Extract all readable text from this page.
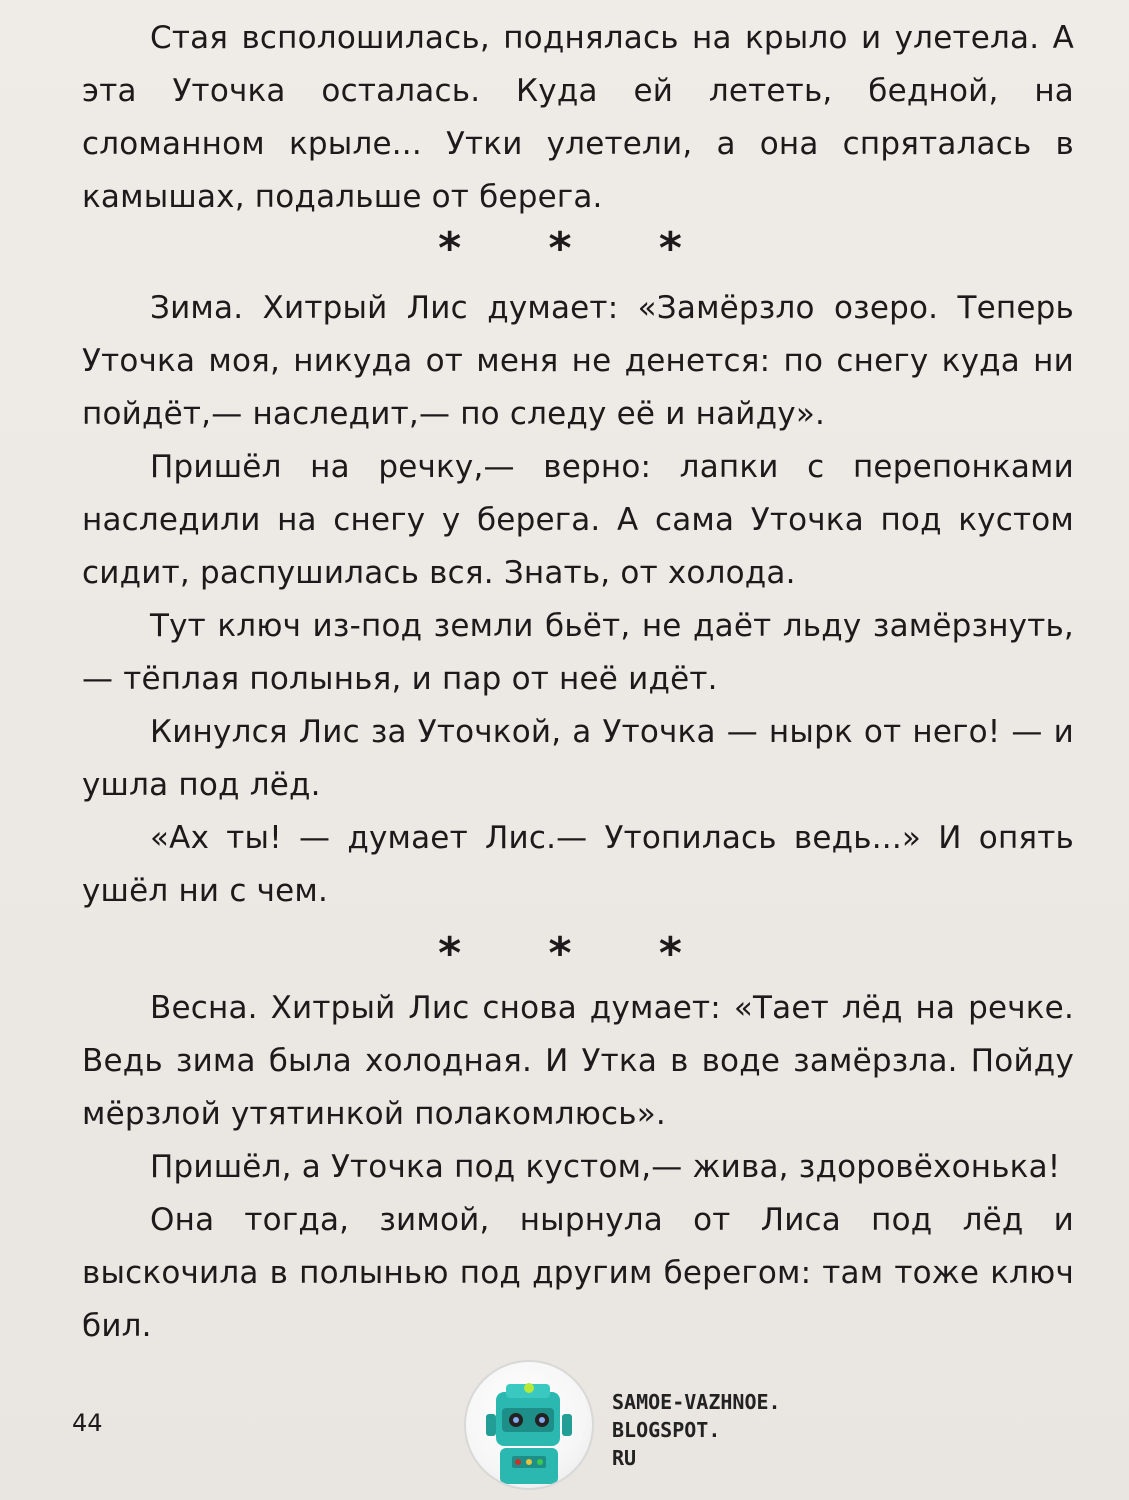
Стая всполошилась, поднялась на крыло и улетела. А эта Уточка осталась. Куда ей лететь, бедной, на сломанном крыле... Утки улетели, а она спряталась в камышах, подальше от берега.

* * *

Зима. Хитрый Лис думает: «Замёрзло озеро. Теперь Уточка моя, никуда от меня не денется: по снегу куда ни пойдёт,— наследит,— по следу её и найду».

Пришёл на речку,— верно: лапки с перепонками наследили на снегу у берега. А сама Уточка под кустом сидит, распушилась вся. Знать, от холода.

Тут ключ из-под земли бьёт, не даёт льду замёрзнуть,— тёплая полынья, и пар от неё идёт.

Кинулся Лис за Уточкой, а Уточка — нырк от него! — и ушла под лёд.

«Ах ты! — думает Лис.— Утопилась ведь...» И опять ушёл ни с чем.

* * *

Весна. Хитрый Лис снова думает: «Тает лёд на речке. Ведь зима была холодная. И Утка в воде замёрзла. Пойду мёрзлой утятинкой полакомлюсь».

Пришёл, а Уточка под кустом,— жива, здоровёхонька!

Она тогда, зимой, нырнула от Лиса под лёд и выскочила в полынью под другим берегом: там тоже ключ бил.

44
SAMOE-VAZHNOE.
BLOGSPOT.
RU
